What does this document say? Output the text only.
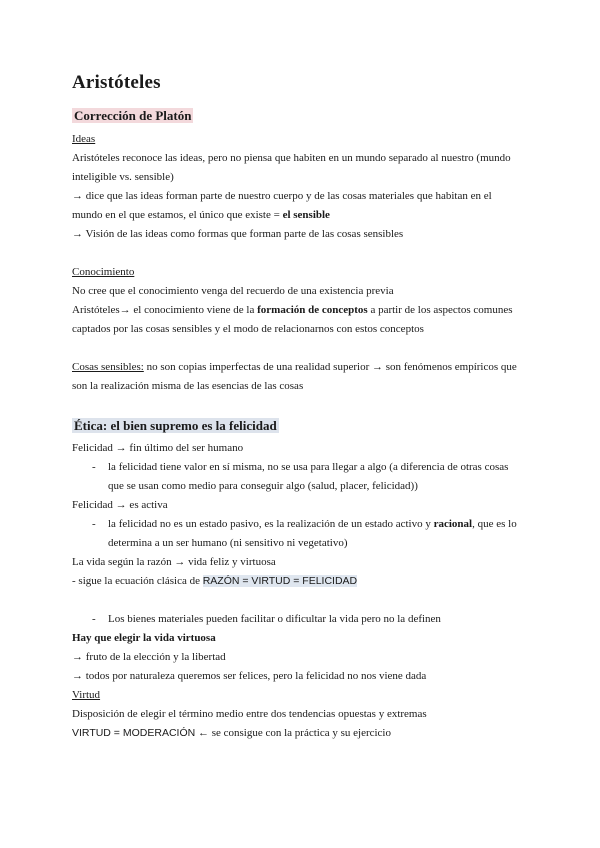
Aristóteles
Corrección de Platón
Ideas
Aristóteles reconoce las ideas, pero no piensa que habiten en un mundo separado al nuestro (mundo
inteligible vs. sensible)
→ dice que las ideas forman parte de nuestro cuerpo y de las cosas materiales que habitan en el
mundo en el que estamos, el único que existe = el sensible
→ Visión de las ideas como formas que forman parte de las cosas sensibles
Conocimiento
No cree que el conocimiento venga del recuerdo de una existencia previa
Aristóteles→ el conocimiento viene de la formación de conceptos a partir de los aspectos comunes
captados por las cosas sensibles y el modo de relacionarnos con estos conceptos
Cosas sensibles: no son copias imperfectas de una realidad superior → son fenómenos empíricos que
son la realización misma de las esencias de las cosas
Ética: el bien supremo es la felicidad
Felicidad → fin último del ser humano
- la felicidad tiene valor en sí misma, no se usa para llegar a algo (a diferencia de otras cosas
que se usan como medio para conseguir algo (salud, placer, felicidad))
Felicidad → es activa
- la felicidad no es un estado pasivo, es la realización de un estado activo y racional, que es lo
determina a un ser humano (ni sensitivo ni vegetativo)
La vida según la razón → vida feliz y virtuosa
- sigue la ecuación clásica de RAZÓN = VIRTUD = FELICIDAD
- Los bienes materiales pueden facilitar o dificultar la vida pero no la definen
Hay que elegir la vida virtuosa
→ fruto de la elección y la libertad
→ todos por naturaleza queremos ser felices, pero la felicidad no nos viene dada
Virtud
Disposición de elegir el término medio entre dos tendencias opuestas y extremas
VIRTUD = MODERACIÓN ← se consigue con la práctica y su ejercicio
